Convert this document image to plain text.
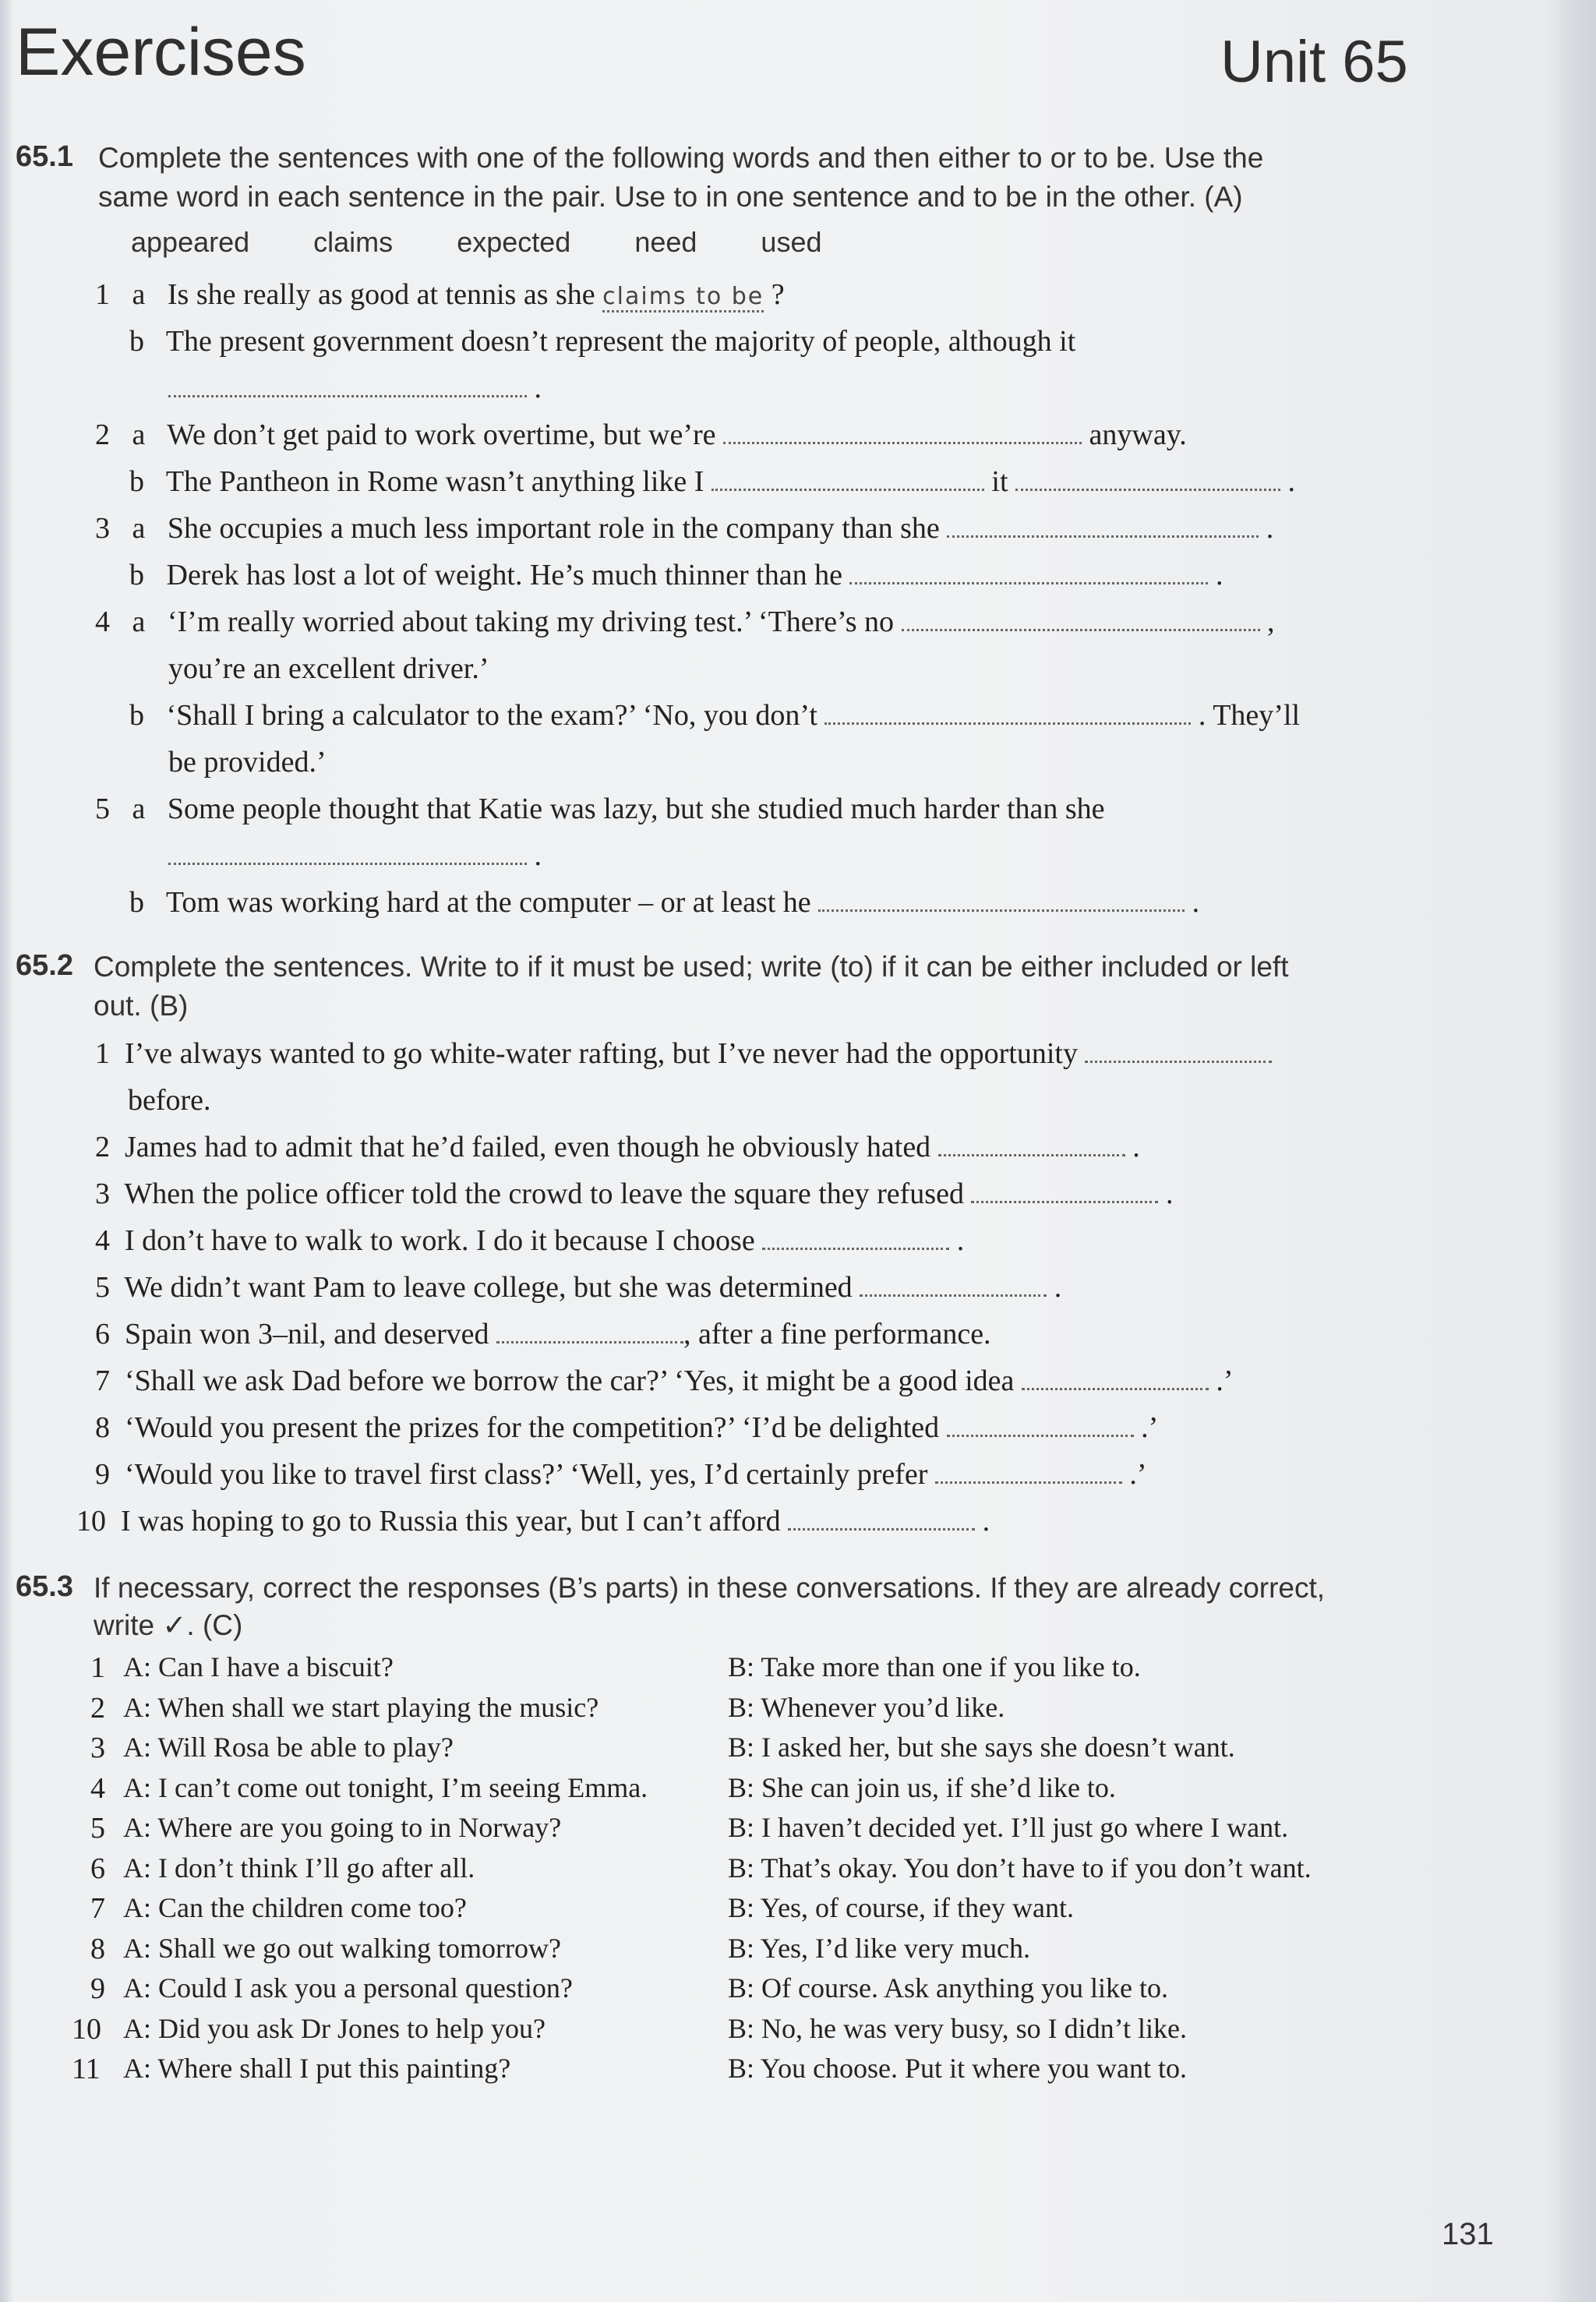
Exercises	Unit 65
65.1 Complete the sentences with one of the following words and then either to or to be. Use the
same word in each sentence in the pair. Use to in one sentence and to be in the other. (A)
appeared claims expected need used
1 a Is she really as good at tennis as she claims to be ?
b The present government doesn’t represent the majority of people, although it
.
2 a We don’t get paid to work overtime, but we’re	anyway.
b The Pantheon in Rome wasn’t anything like I	it	.
3 a She occupies a much less important role in the company than she	.
b Derek has lost a lot of weight. He’s much thinner than he	.
4 a ‘I’m really worried about taking my driving test.’ ‘There’s no	,
you’re an excellent driver.’
b ‘Shall I bring a calculator to the exam?’ ‘No, you don’t	. They’ll
be provided.’
5 a Some people thought that Katie was lazy, but she studied much harder than she
.
b Tom was working hard at the computer – or at least he	.
65.2 Complete the sentences. Write to if it must be used; write (to) if it can be either included or left
out. (B)
1 I’ve always wanted to go white-water rafting, but I’ve never had the opportunity
before.
2 James had to admit that he’d failed, even though he obviously hated	.
3 When the police officer told the crowd to leave the square they refused	.
4 I don’t have to walk to work. I do it because I choose	.
5 We didn’t want Pam to leave college, but she was determined	.
6 Spain won 3–nil, and deserved	, after a fine performance.
7 ‘Shall we ask Dad before we borrow the car?’ ‘Yes, it might be a good idea	.’
8 ‘Would you present the prizes for the competition?’ ‘I’d be delighted	.’
9 ‘Would you like to travel first class?’ ‘Well, yes, I’d certainly prefer	.’
10 I was hoping to go to Russia this year, but I can’t afford	.
65.3 If necessary, correct the responses (B’s parts) in these conversations. If they are already correct,
write ✓. (C)
1 A: Can I have a biscuit?	B: Take more than one if you like to.
2 A: When shall we start playing the music?	B: Whenever you’d like.
3 A: Will Rosa be able to play?	B: I asked her, but she says she doesn’t want.
4 A: I can’t come out tonight, I’m seeing Emma.	B: She can join us, if she’d like to.
5 A: Where are you going to in Norway?	B: I haven’t decided yet. I’ll just go where I want.
6 A: I don’t think I’ll go after all.	B: That’s okay. You don’t have to if you don’t want.
7 A: Can the children come too?	B: Yes, of course, if they want.
8 A: Shall we go out walking tomorrow?	B: Yes, I’d like very much.
9 A: Could I ask you a personal question?	B: Of course. Ask anything you like to.
10 A: Did you ask Dr Jones to help you?	B: No, he was very busy, so I didn’t like.
11 A: Where shall I put this painting?	B: You choose. Put it where you want to.
131
